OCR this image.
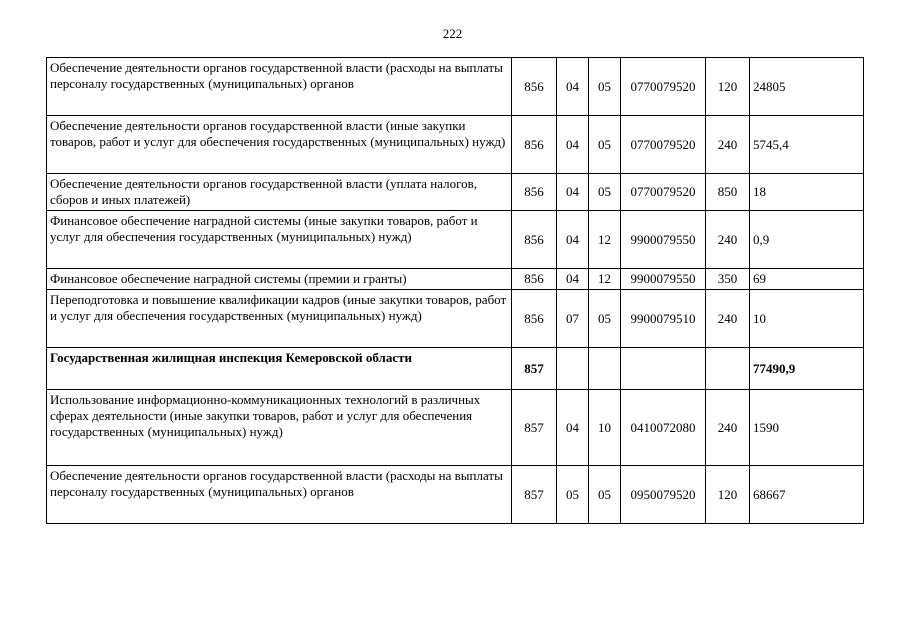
222
Обеспечение деятельности органов государственной власти (расходы на выплаты персоналу государственных (муниципальных) органов	856	04	05	0770079520	120	24805
Обеспечение деятельности органов государственной власти (иные закупки товаров, работ и услуг для обеспечения государственных (муниципальных) нужд)	856	04	05	0770079520	240	5745,4
Обеспечение деятельности органов государственной власти (уплата налогов, сборов и иных платежей)	856	04	05	0770079520	850	18
Финансовое обеспечение наградной системы (иные закупки товаров, работ и услуг для обеспечения государственных (муниципальных) нужд)	856	04	12	9900079550	240	0,9
Финансовое обеспечение наградной системы (премии и гранты)	856	04	12	9900079550	350	69
Переподготовка и повышение квалификации кадров (иные закупки товаров, работ и услуг для обеспечения государственных (муниципальных) нужд)	856	07	05	9900079510	240	10
Государственная жилищная инспекция Кемеровской области	857					77490,9
Использование информационно-коммуникационных технологий в различных сферах деятельности (иные закупки товаров, работ и услуг для обеспечения государственных (муниципальных) нужд)	857	04	10	0410072080	240	1590
Обеспечение деятельности органов государственной власти (расходы на выплаты персоналу государственных (муниципальных) органов	857	05	05	0950079520	120	68667
